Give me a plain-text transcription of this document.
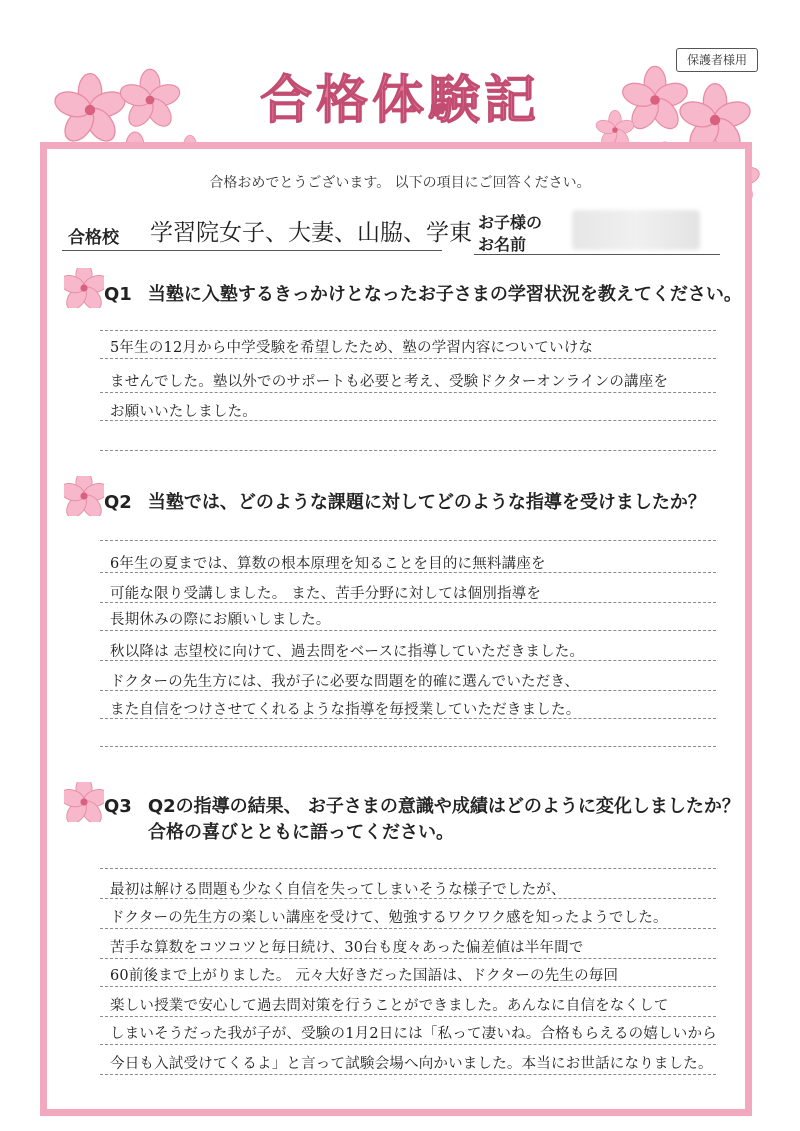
保護者様用
合格体験記
合格おめでとうございます。 以下の項目にご回答ください。
合格校 学習院女子、大妻、山脇、学東 お子様の
お名前
Q1 当塾に入塾するきっかけとなったお子さまの学習状況を教えてください。
5年生の12月から中学受験を希望したため、塾の学習内容についていけな
ませんでした。塾以外でのサポートも必要と考え、受験ドクターオンラインの講座を
お願いいたしました。
Q2 当塾では、どのような課題に対してどのような指導を受けましたか？
6年生の夏までは、算数の根本原理を知ることを目的に無料講座を
可能な限り受講しました。 また、苦手分野に対しては個別指導を
長期休みの際にお願いしました。
秋以降は 志望校に向けて、過去問をベースに指導していただきました。
ドクターの先生方には、我が子に必要な問題を的確に選んでいただき、
また自信をつけさせてくれるような指導を毎授業していただきました。
Q3 Q2の指導の結果、 お子さまの意識や成績はどのように変化しましたか？
合格の喜びとともに語ってください。
最初は解ける問題も少なく自信を失ってしまいそうな様子でしたが、
ドクターの先生方の楽しい講座を受けて、勉強するワクワク感を知ったようでした。
苦手な算数をコツコツと毎日続け、30台も度々あった偏差値は半年間で
60前後まで上がりました。 元々大好きだった国語は、ドクターの先生の毎回
楽しい授業で安心して過去問対策を行うことができました。あんなに自信をなくして
しまいそうだった我が子が、受験の1月2日には「私って凄いね。合格もらえるの嬉しいから
今日も入試受けてくるよ」と言って試験会場へ向かいました。本当にお世話になりました。
